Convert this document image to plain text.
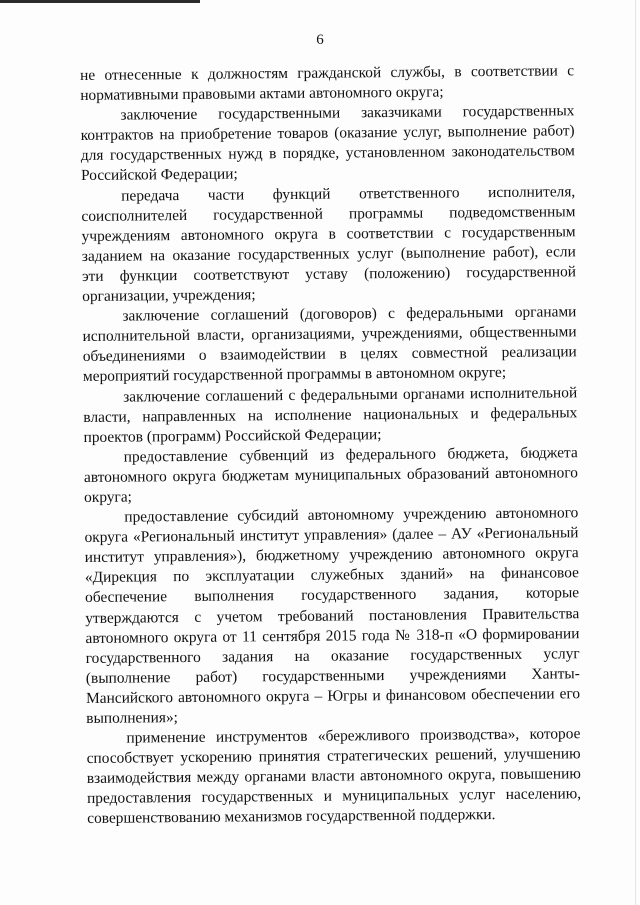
6

не отнесенные к должностям гражданской службы, в соответствии с нормативными правовыми актами автономного округа;

заключение государственными заказчиками государственных контрактов на приобретение товаров (оказание услуг, выполнение работ) для государственных нужд в порядке, установленном законодательством Российской Федерации;

передача части функций ответственного исполнителя, соисполнителей государственной программы подведомственным учреждениям автономного округа в соответствии с государственным заданием на оказание государственных услуг (выполнение работ), если эти функции соответствуют уставу (положению) государственной организации, учреждения;

заключение соглашений (договоров) с федеральными органами исполнительной власти, организациями, учреждениями, общественными объединениями о взаимодействии в целях совместной реализации мероприятий государственной программы в автономном округе;

заключение соглашений с федеральными органами исполнительной власти, направленных на исполнение национальных и федеральных проектов (программ) Российской Федерации;

предоставление субвенций из федерального бюджета, бюджета автономного округа бюджетам муниципальных образований автономного округа;

предоставление субсидий автономному учреждению автономного округа «Региональный институт управления» (далее – АУ «Региональный институт управления»), бюджетному учреждению автономного округа «Дирекция по эксплуатации служебных зданий» на финансовое обеспечение выполнения государственного задания, которые утверждаются с учетом требований постановления Правительства автономного округа от 11 сентября 2015 года № 318-п «О формировании государственного задания на оказание государственных услуг (выполнение работ) государственными учреждениями Ханты-Мансийского автономного округа – Югры и финансовом обеспечении его выполнения»;

применение инструментов «бережливого производства», которое способствует ускорению принятия стратегических решений, улучшению взаимодействия между органами власти автономного округа, повышению предоставления государственных и муниципальных услуг населению, совершенствованию механизмов государственной поддержки.
